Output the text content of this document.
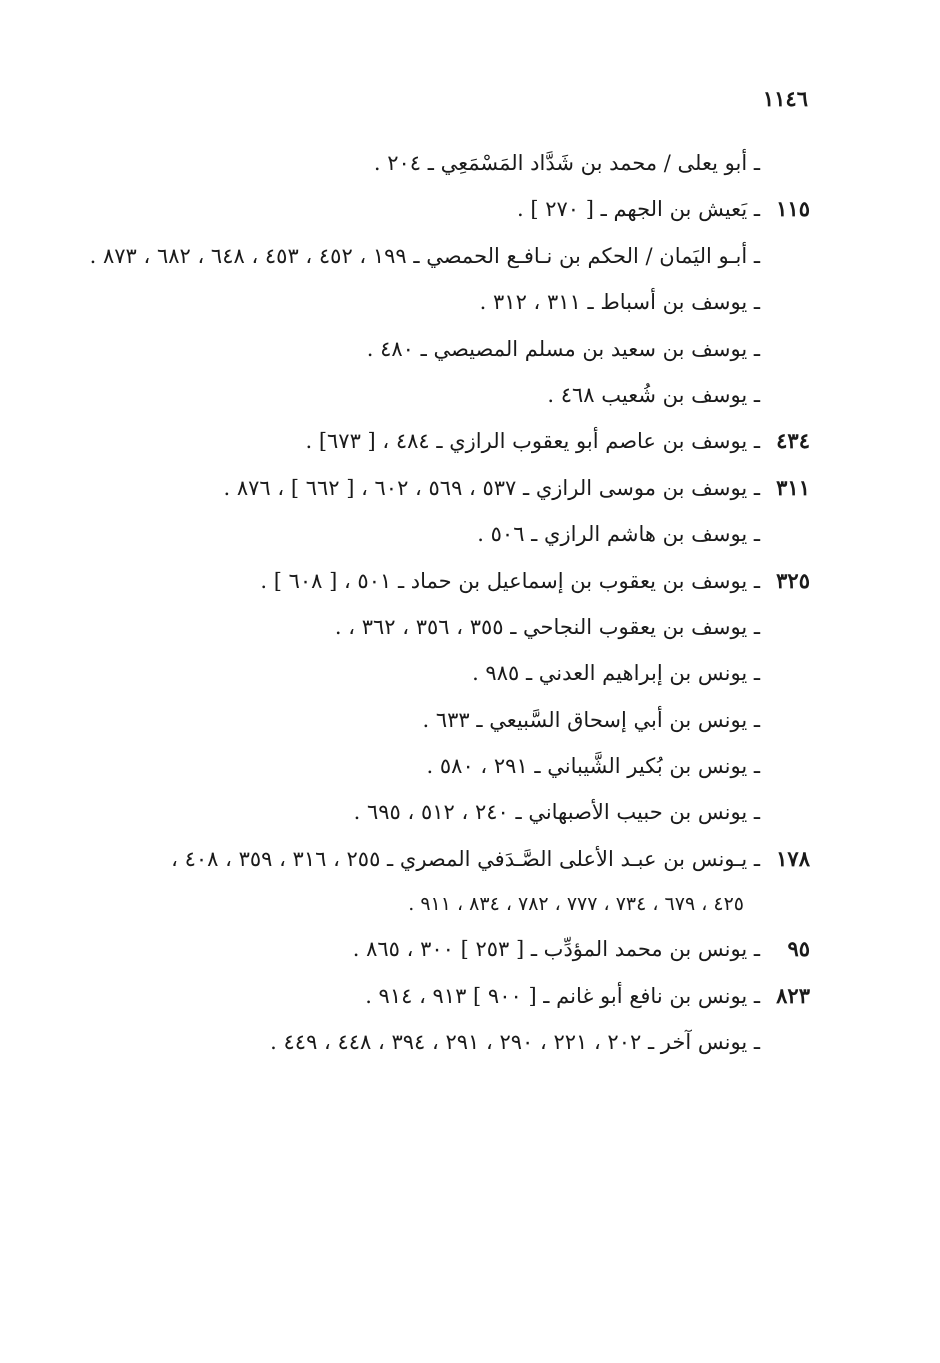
١١٤٦
ـ أبو يعلى / محمد بن شَدَّاد المَسْمَعِي ـ ٢٠٤ .
١١٥
ـ يَعيش بن الجهم ـ [ ٢٧٠ ] .
ـ أبـو اليَمان / الحكم بن نـافـع الحمصي ـ ١٩٩ ، ٤٥٢ ، ٤٥٣ ، ٦٤٨ ، ٦٨٢ ، ٨٧٣ .
ـ يوسف بن أسباط ـ ٣١١ ، ٣١٢ .
ـ يوسف بن سعيد بن مسلم المصيصي ـ ٤٨٠ .
ـ يوسف بن شُعيب ٤٦٨ .
٤٣٤
ـ يوسف بن عاصم أبو يعقوب الرازي ـ ٤٨٤ ، [ ٦٧٣] .
٣١١
ـ يوسف بن موسى الرازي ـ ٥٣٧ ، ٥٦٩ ، ٦٠٢ ، [ ٦٦٢ ] ، ٨٧٦ .
ـ يوسف بن هاشم الرازي ـ ٥٠٦ .
٣٢٥
ـ يوسف بن يعقوب بن إسماعيل بن حماد ـ ٥٠١ ، [ ٦٠٨ ] .
ـ يوسف بن يعقوب النجاحي ـ ٣٥٥ ، ٣٥٦ ، ٣٦٢ ، .
ـ يونس بن إبراهيم العدني ـ ٩٨٥ .
ـ يونس بن أبي إسحاق السَّبيعي ـ ٦٣٣ .
ـ يونس بن بُكير الشَّيباني ـ ٢٩١ ، ٥٨٠ .
ـ يونس بن حبيب الأصبهاني ـ ٢٤٠ ، ٥١٢ ، ٦٩٥ .
١٧٨
ـ يـونس بن عبـد الأعلى الصَّـدَفي المصري ـ ٢٥٥ ، ٣١٦ ، ٣٥٩ ، ٤٠٨ ،
٤٢٥ ، ٦٧٩ ، ٧٣٤ ، ٧٧٧ ، ٧٨٢ ، ٨٣٤ ، ٩١١ .
٩٥
ـ يونس بن محمد المؤدِّب ـ [ ٢٥٣ ] ٣٠٠ ، ٨٦٥ .
٨٢٣
ـ يونس بن نافع أبو غانم ـ [ ٩٠٠ ] ٩١٣ ، ٩١٤ .
ـ يونس آخر ـ ٢٠٢ ، ٢٢١ ، ٢٩٠ ، ٢٩١ ، ٣٩٤ ، ٤٤٨ ، ٤٤٩ .
